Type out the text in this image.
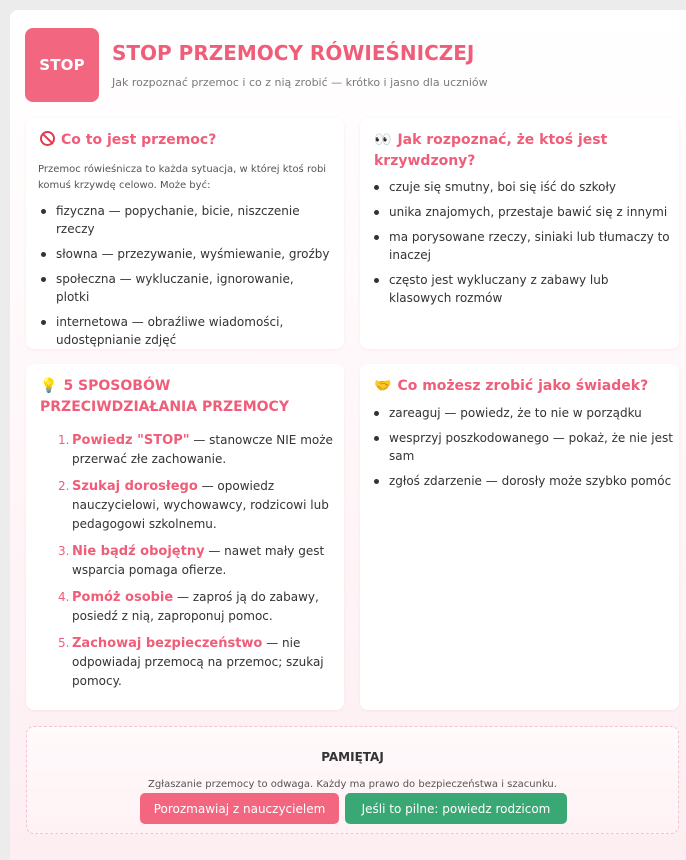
STOP	STOP PRZEMOCY RÓWIEŚNICZEJ
Jak rozpoznać przemoc i co z nią zrobić — krótko i jasno dla uczniów
Co to jest przemoc?
Przemoc rówieśnicza to każda sytuacja, w której ktoś robi komuś krzywdę celowo. Może być:
fizyczna — popychanie, bicie, niszczenie rzeczy
słowna — przezywanie, wyśmiewanie, groźby
społeczna — wykluczanie, ignorowanie, plotki
internetowa — obraźliwe wiadomości, udostępnianie zdjęć
👀 Jak rozpoznać, że ktoś jest krzywdzony?
czuje się smutny, boi się iść do szkoły
unika znajomych, przestaje bawić się z innymi
ma porysowane rzeczy, siniaki lub tłumaczy to inaczej
często jest wykluczany z zabawy lub klasowych rozmów
💡 5 SPOSOBÓW PRZECIWDZIAŁANIA PRZEMOCY
1. Powiedz "STOP" — stanowcze NIE może przerwać złe zachowanie.
2. Szukaj dorosłego — opowiedz nauczycielowi, wychowawcy, rodzicowi lub pedagogowi szkolnemu.
3. Nie bądź obojętny — nawet mały gest wsparcia pomaga ofierze.
4. Pomóż osobie — zaproś ją do zabawy, posiedź z nią, zaproponuj pomoc.
5. Zachowaj bezpieczeństwo — nie odpowiadaj przemocą na przemoc; szukaj pomocy.
🤝 Co możesz zrobić jako świadek?
zareaguj — powiedz, że to nie w porządku
wesprzyj poszkodowanego — pokaż, że nie jest sam
zgłoś zdarzenie — dorosły może szybko pomóc
PAMIĘTAJ
Zgłaszanie przemocy to odwaga. Każdy ma prawo do bezpieczeństwa i szacunku.
Porozmawiaj z nauczycielem	Jeśli to pilne: powiedz rodzicom
